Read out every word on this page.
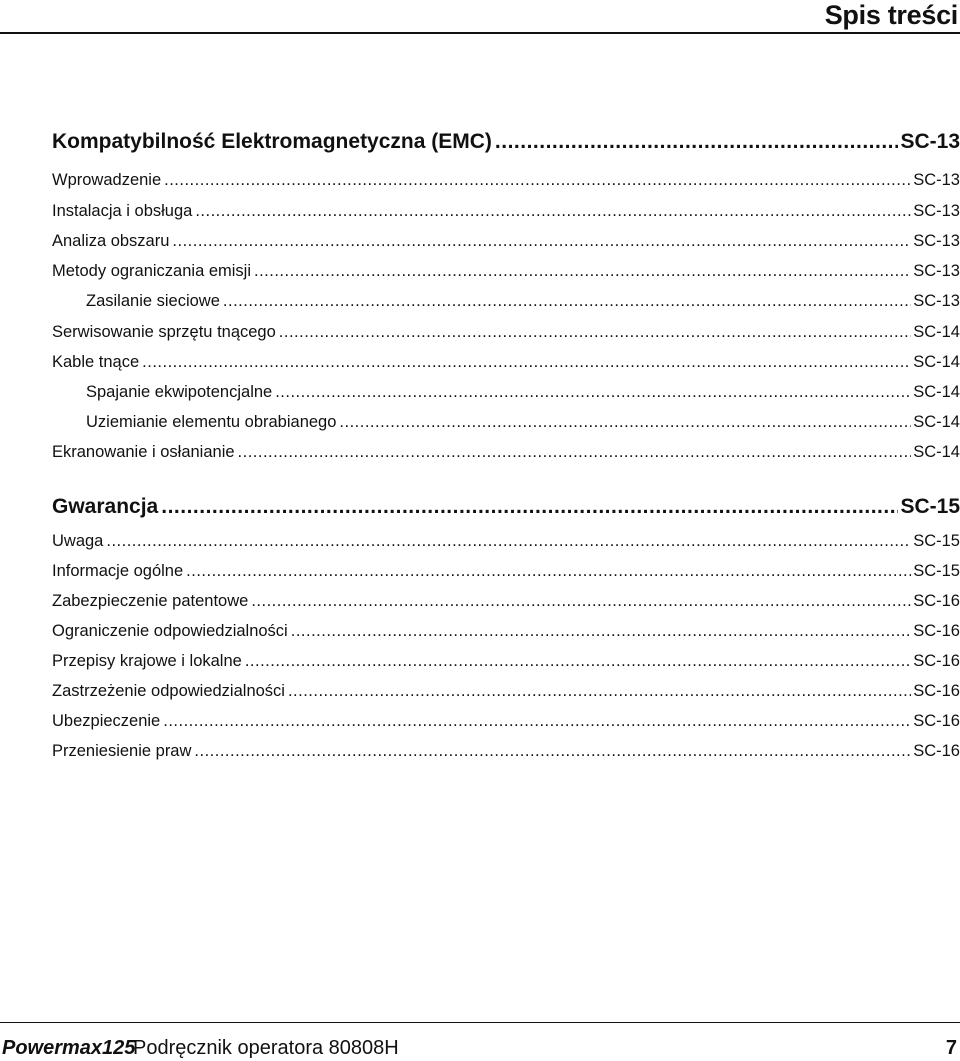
Spis treści
Kompatybilność Elektromagnetyczna (EMC) .....	SC-13
Wprowadzenie .....	SC-13
Instalacja i obsługa .....	SC-13
Analiza obszaru .....	SC-13
Metody ograniczania emisji .....	SC-13
Zasilanie sieciowe .....	SC-13
Serwisowanie sprzętu tnącego .....	SC-14
Kable tnące .....	SC-14
Spajanie ekwipotencjalne .....	SC-14
Uziemianie elementu obrabianego .....	SC-14
Ekranowanie i osłanianie .....	SC-14
Gwarancja .....	SC-15
Uwaga .....	SC-15
Informacje ogólne .....	SC-15
Zabezpieczenie patentowe .....	SC-16
Ograniczenie odpowiedzialności .....	SC-16
Przepisy krajowe i lokalne .....	SC-16
Zastrzeżenie odpowiedzialności .....	SC-16
Ubezpieczenie .....	SC-16
Przeniesienie praw .....	SC-16
Powermax125
Podręcznik operatora 80808H	7
